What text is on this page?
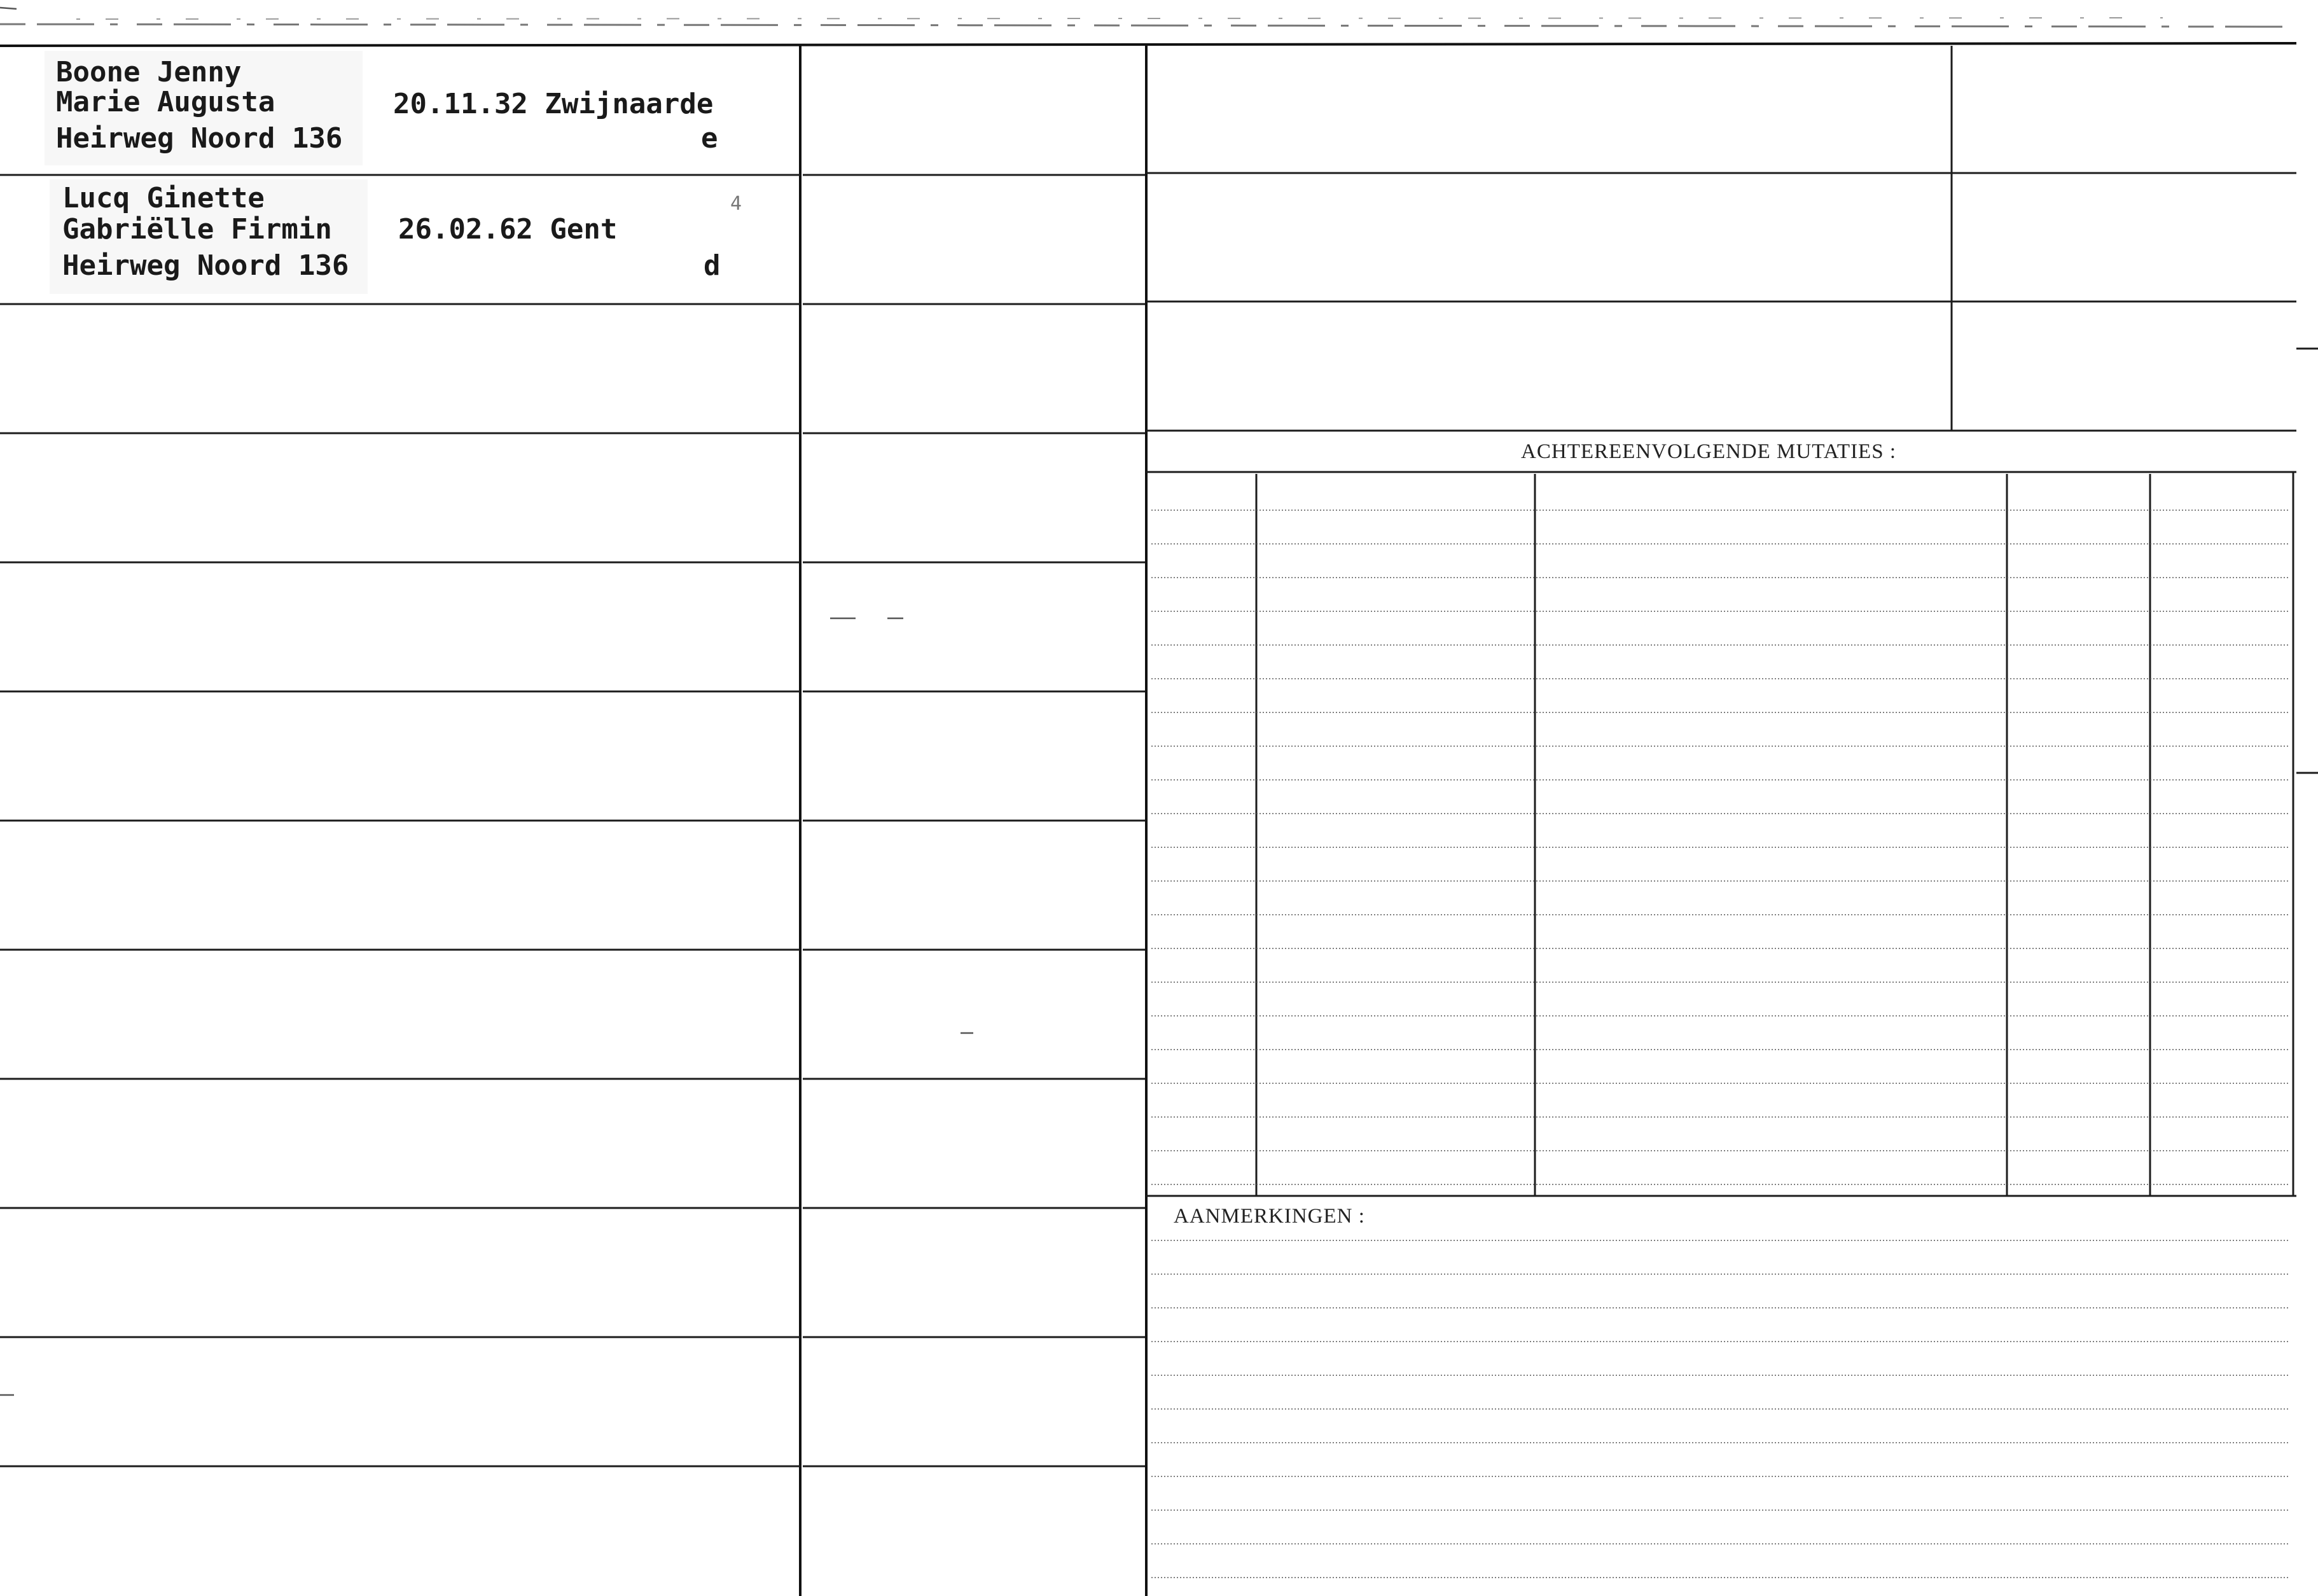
Boone Jenny
Marie Augusta
Heirweg Noord 136
20.11.32 Zwijnaarde
e
Lucq Ginette
Gabriëlle Firmin
Heirweg Noord 136
26.02.62 Gent
d
4
ACHTEREENVOLGENDE MUTATIES :
AANMERKINGEN :
